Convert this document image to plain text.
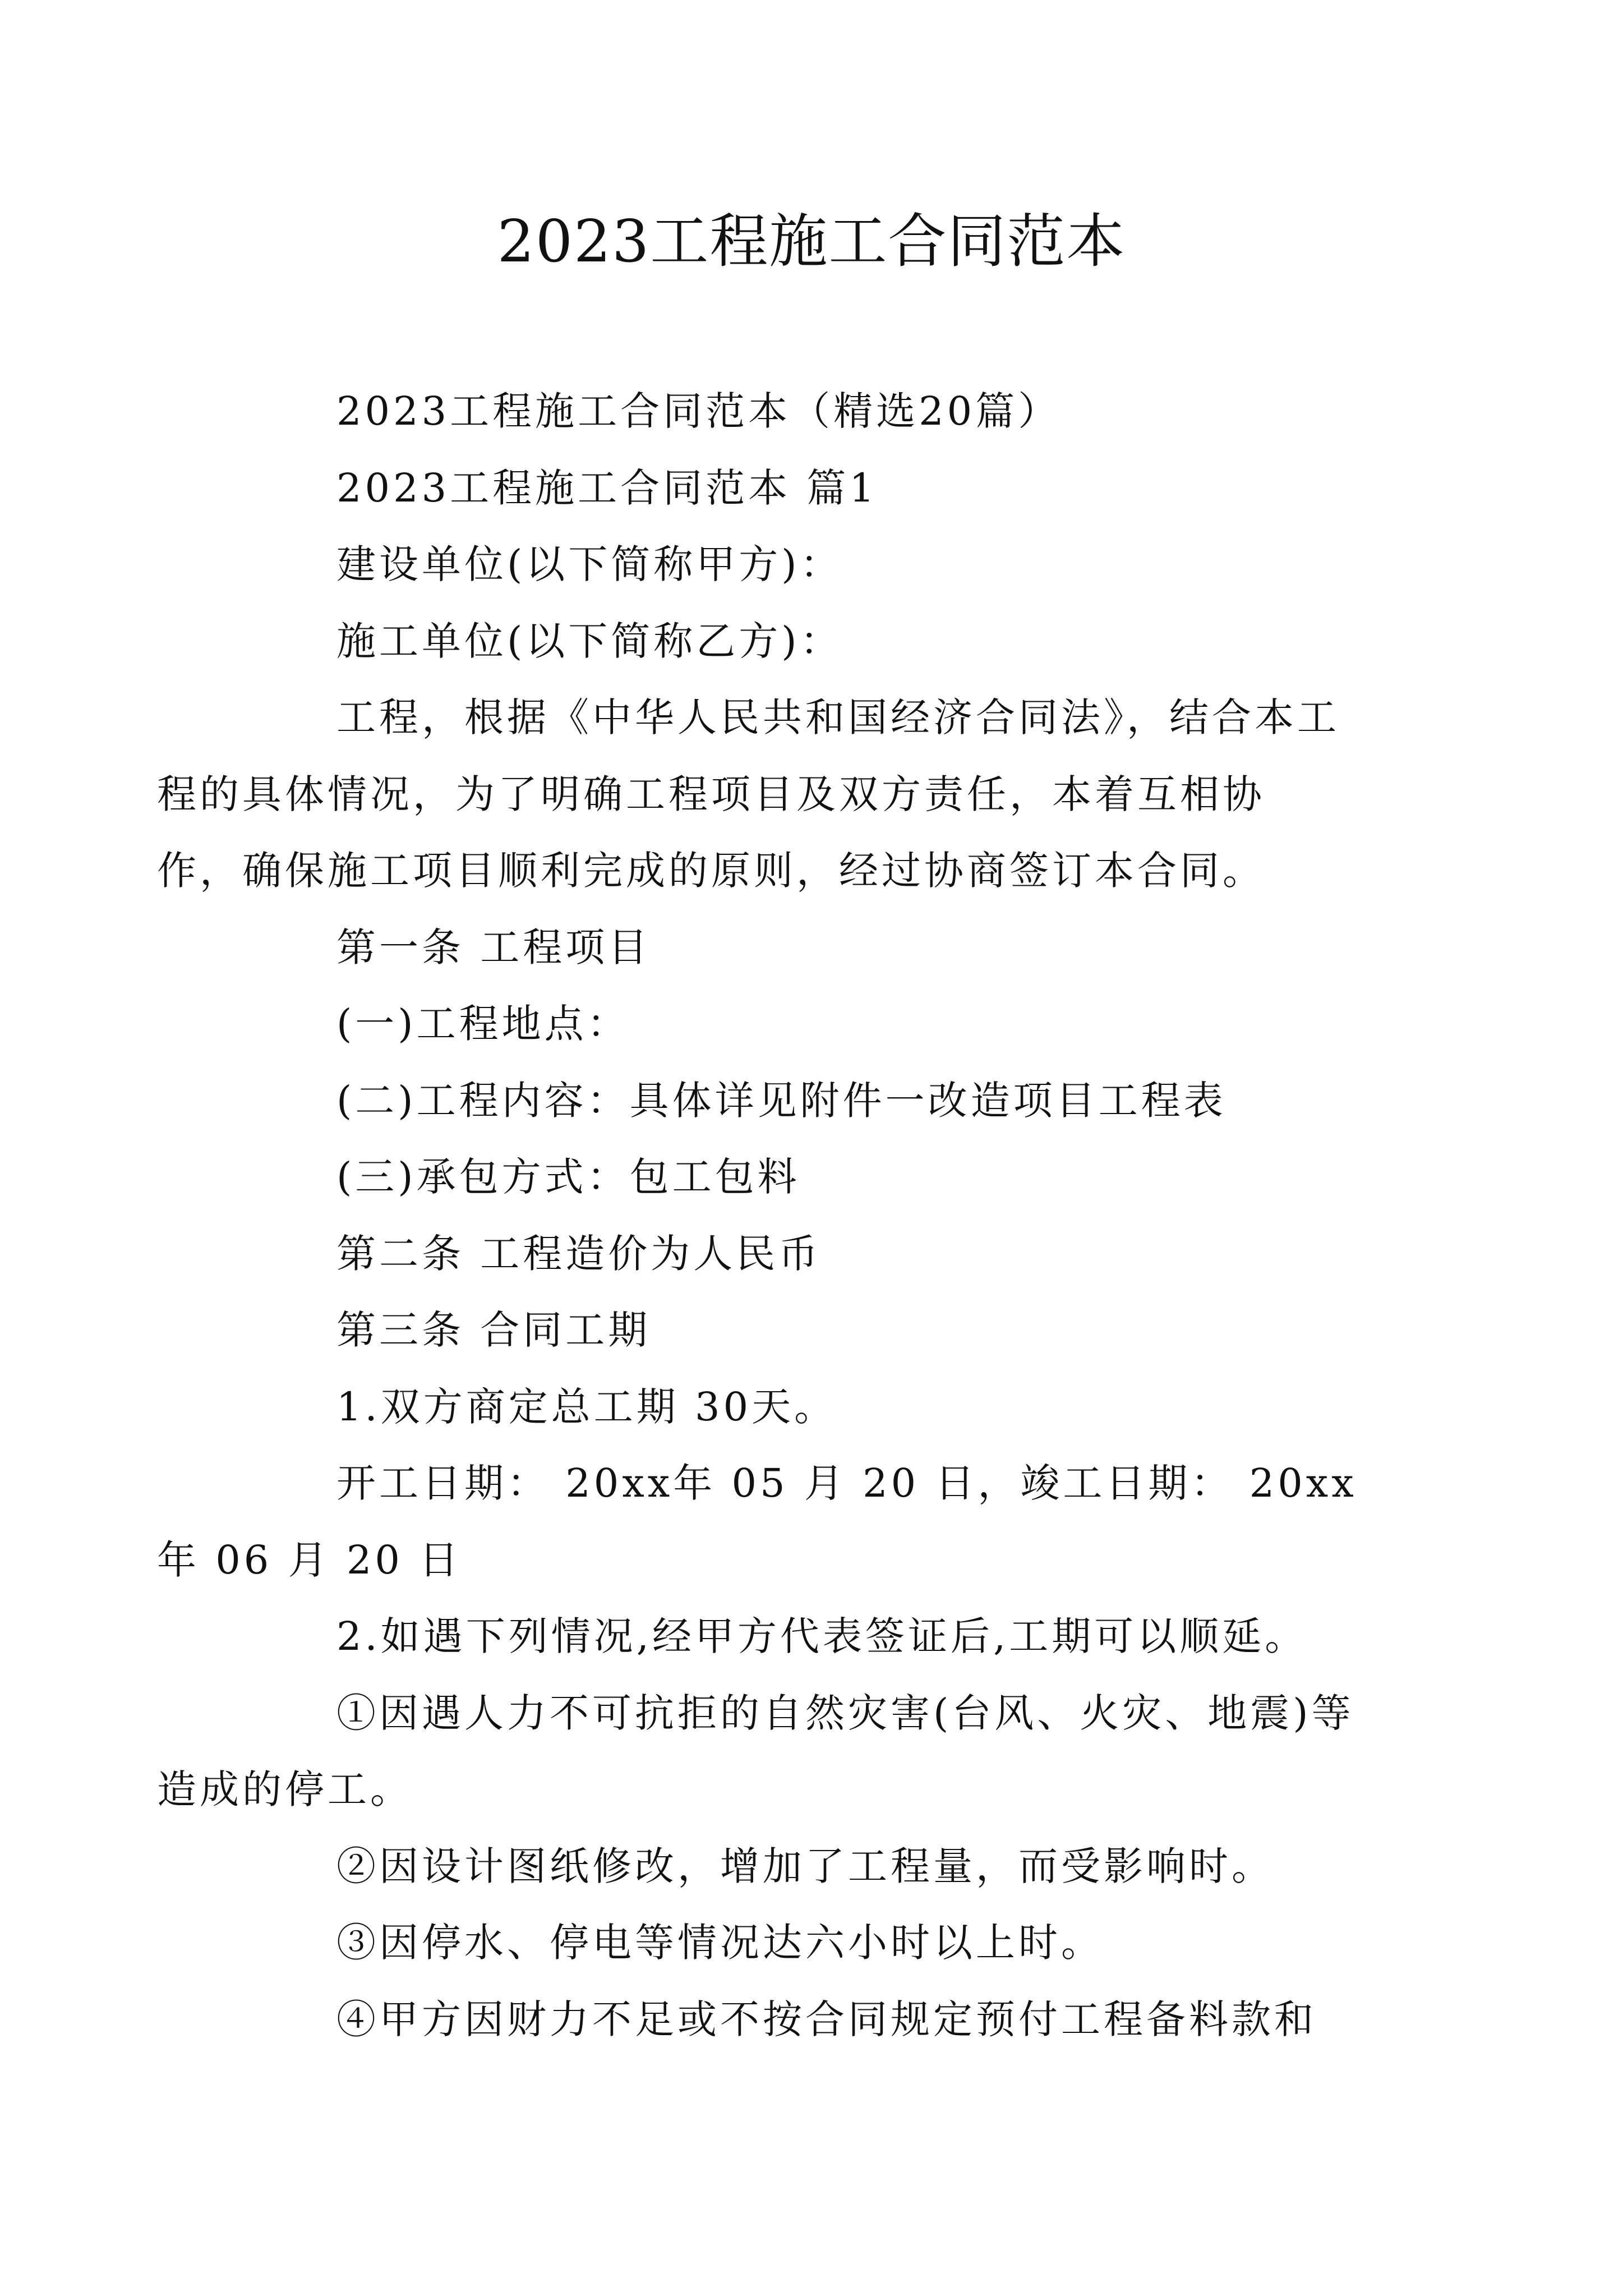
2023工程施工合同范本

2023工程施工合同范本（精选20篇）

2023工程施工合同范本 篇1

建设单位(以下简称甲方)：

施工单位(以下简称乙方)：

工程，根据《中华人民共和国经济合同法》，结合本工
程的具体情况，为了明确工程项目及双方责任，本着互相协
作，确保施工项目顺利完成的原则，经过协商签订本合同。

第一条 工程项目

(一)工程地点：

(二)工程内容：具体详见附件一改造项目工程表

(三)承包方式：包工包料

第二条 工程造价为人民币

第三条 合同工期

1.双方商定总工期 30天。

开工日期： 20xx年 05 月 20 日，竣工日期： 20xx
年 06 月 20 日

2.如遇下列情况,经甲方代表签证后,工期可以顺延。

①因遇人力不可抗拒的自然灾害(台风、火灾、地震)等
造成的停工。

②因设计图纸修改，增加了工程量，而受影响时。

③因停水、停电等情况达六小时以上时。

④甲方因财力不足或不按合同规定预付工程备料款和
